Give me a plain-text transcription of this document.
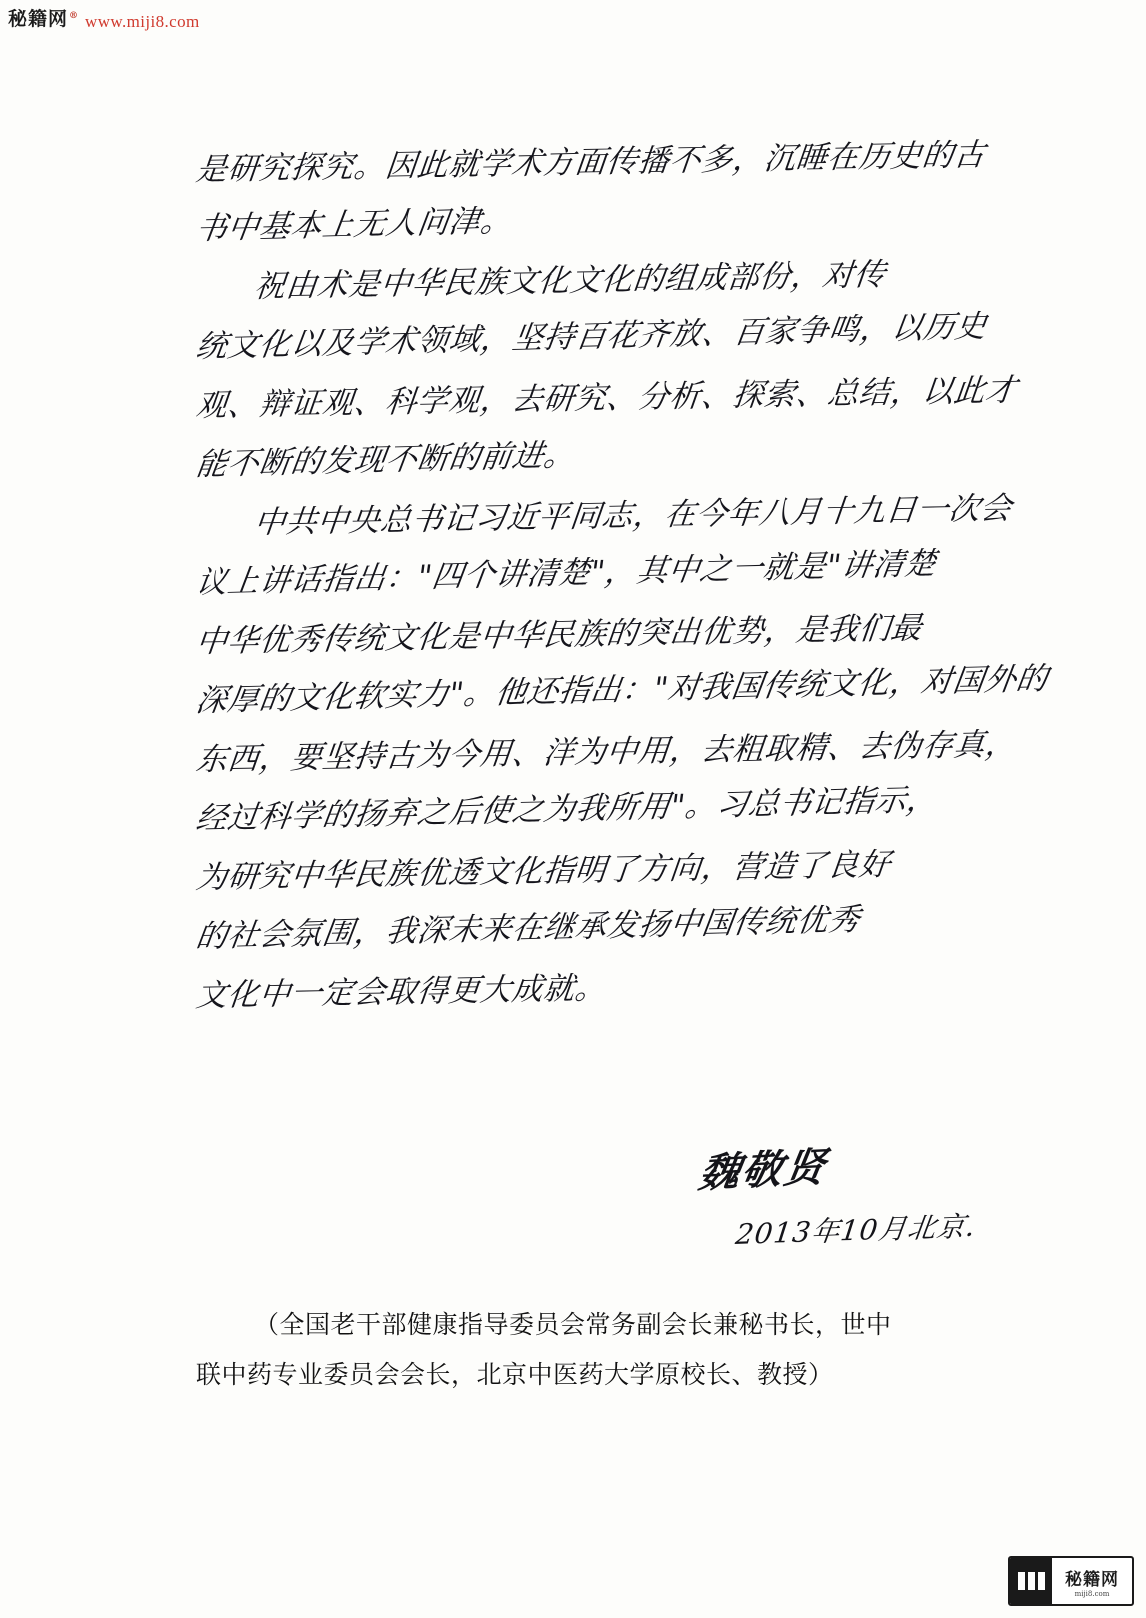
秘籍网® www.miji8.com
是研究探究。因此就学术方面传播不多，沉睡在历史的古
书中基本上无人问津。
祝由术是中华民族文化文化的组成部份，对传
统文化以及学术领域，坚持百花齐放、百家争鸣，以历史
观、辩证观、科学观，去研究、分析、探索、总结，以此才
能不断的发现不断的前进。
中共中央总书记习近平同志，在今年八月十九日一次会
议上讲话指出："四个讲清楚"，其中之一就是"讲清楚
中华优秀传统文化是中华民族的突出优势，是我们最
深厚的文化软实力"。他还指出："对我国传统文化，对国外的
东西，要坚持古为今用、洋为中用，去粗取精、去伪存真，
经过科学的扬弃之后使之为我所用"。习总书记指示，
为研究中华民族优透文化指明了方向，营造了良好
的社会氛围，我深未来在继承发扬中国传统优秀
文化中一定会取得更大成就。
魏敬贤
2013年10月北京.
（全国老干部健康指导委员会常务副会长兼秘书长，世中
联中药专业委员会会长，北京中医药大学原校长、教授）
秘籍网
miji8.com
